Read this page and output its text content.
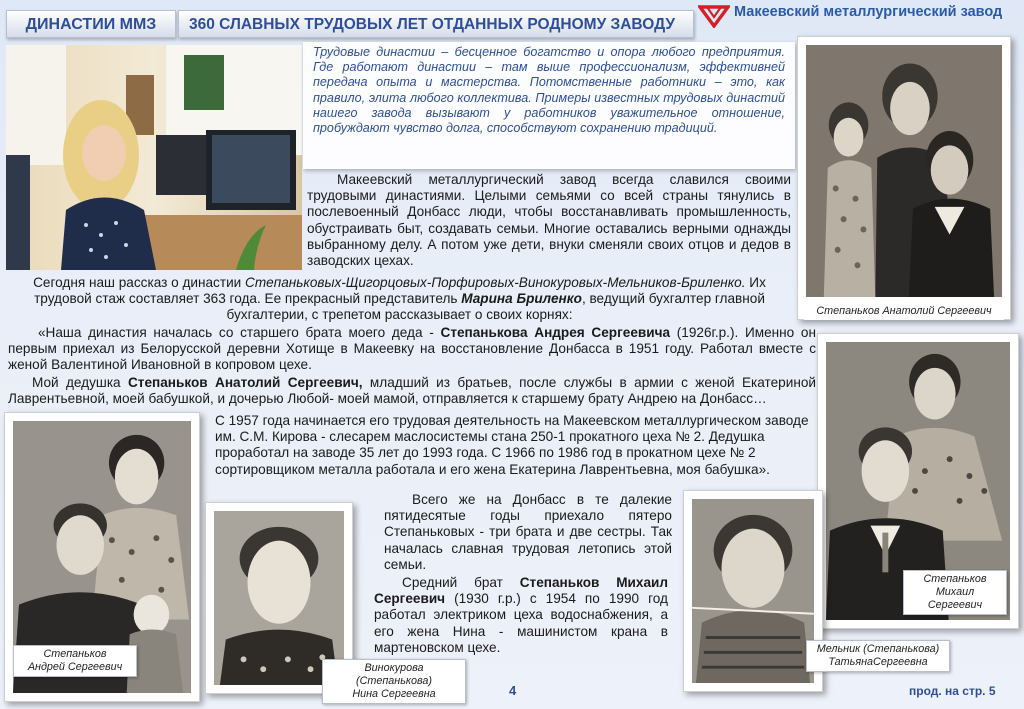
ДИНАСТИИ ММЗ	360 СЛАВНЫХ ТРУДОВЫХ ЛЕТ ОТДАННЫХ РОДНОМУ ЗАВОДУ
Макеевский металлургический завод
Трудовые династии – бесценное богатство и опора любого предприятия. Где работают династии – там выше профессионализм, эффективней передача опыта и мастерства. Потомственные работники – это, как правило, элита любого коллектива. Примеры известных трудовых династий нашего завода вызывают у работников уважительное отношение, пробуждают чувство долга, способствуют сохранению традиций.
Макеевский металлургический завод всегда славился своими трудовыми династиями. Целыми семьями со всей страны тянулись в послевоенный Донбасс люди, чтобы восстанавливать промышленность, обустраивать быт, создавать семьи. Многие оставались верными однажды выбранному делу. А потом уже дети, внуки сменяли своих отцов и дедов в заводских цехах.
Сегодня наш рассказ о династии Степаньковых-Щигорцовых-Порфировых-Винокуровых-Мельников-Бриленко. Их трудовой стаж составляет 363 года. Ее прекрасный представитель Марина Бриленко, ведущий бухгалтер главной бухгалтерии, с трепетом рассказывает о своих корнях:
«Наша династия началась со старшего брата моего деда - Степанькова Андрея Сергеевича (1926г.р.). Именно он первым приехал из Белорусской деревни Хотище в Макеевку на восстановление Донбасса в 1951 году. Работал вместе с женой Валентиной Ивановной в копровом цехе.
Мой дедушка Степаньков Анатолий Сергеевич, младший из братьев, после службы в армии с женой Екатериной Лаврентьевной, моей бабушкой, и дочерью Любой- моей мамой, отправляется к старшему брату Андрею на Донбасс…
С 1957 года начинается его трудовая деятельность на Макеевском металлургическом заводе им. С.М. Кирова - слесарем маслосистемы стана 250-1 прокатного цеха № 2. Дедушка проработал на заводе 35 лет до 1993 года. С 1966 по 1986 год в прокатном цехе № 2 сортировщиком металла работала и его жена Екатерина Лаврентьевна, моя бабушка».
Всего же на Донбасс в те далекие пятидесятые годы приехало пятеро Степаньковых - три брата и две сестры. Так началась славная трудовая летопись этой семьи.
Средний брат Степаньков Михаил Сергеевич (1930 г.р.) с 1954 по 1990 год работал электриком цеха водоснабжения, а его жена Нина - машинистом крана в мартеновском цехе.
Степаньков Анатолий Сергеевич
Степаньков
Михаил Сергеевич
Мельник (Степанькова)
ТатьянаСергеевна
Степаньков
Андрей Сергеевич	Винокурова (Степанькова)
Нина Сергеевна	4	прод. на стр. 5
